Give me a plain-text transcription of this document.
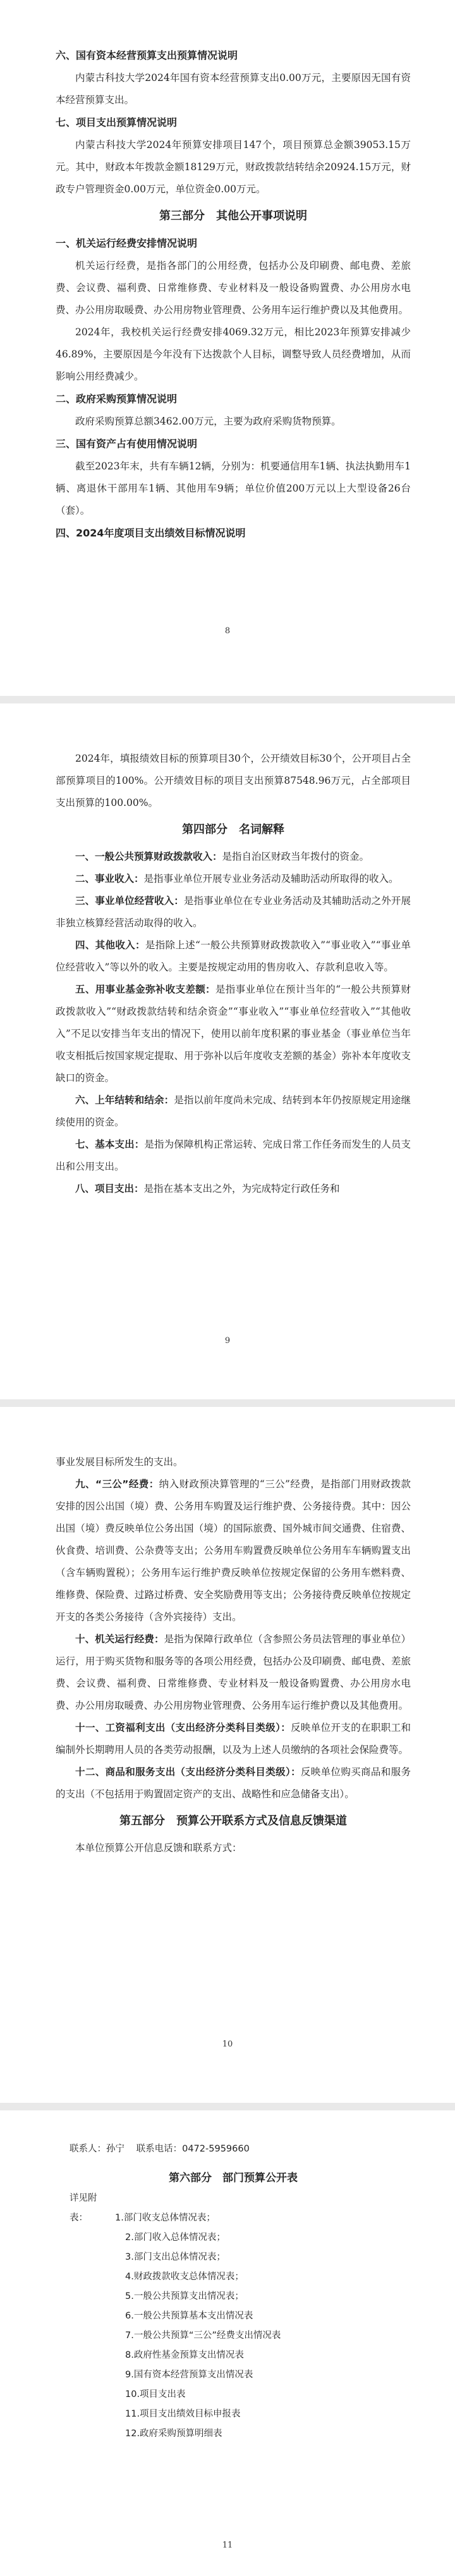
六、国有资本经营预算支出预算情况说明

内蒙古科技大学2024年国有资本经营预算支出0.00万元，主要原因无国有资本经营预算支出。

七、项目支出预算情况说明

内蒙古科技大学2024年预算安排项目147个，项目预算总金额39053.15万元。其中，财政本年拨款金额18129万元，财政拨款结转结余20924.15万元，财政专户管理资金0.00万元，单位资金0.00万元。

第三部分　其他公开事项说明

一、机关运行经费安排情况说明

机关运行经费，是指各部门的公用经费，包括办公及印刷费、邮电费、差旅费、会议费、福利费、日常维修费、专业材料及一般设备购置费、办公用房水电费、办公用房取暖费、办公用房物业管理费、公务用车运行维护费以及其他费用。

2024年，我校机关运行经费安排4069.32万元，相比2023年预算安排减少46.89%，主要原因是今年没有下达拨款个人目标，调整导致人员经费增加，从而影响公用经费减少。

二、政府采购预算情况说明

政府采购预算总额3462.00万元，主要为政府采购货物预算。

三、国有资产占有使用情况说明

截至2023年末，共有车辆12辆，分别为：机要通信用车1辆、执法执勤用车1辆、离退休干部用车1辆、其他用车9辆；单位价值200万元以上大型设备26台（套）。

四、2024年度项目支出绩效目标情况说明

8

2024年，填报绩效目标的预算项目30个，公开绩效目标30个，公开项目占全部预算项目的100%。公开绩效目标的项目支出预算87548.96万元，占全部项目支出预算的100.00%。

第四部分　名词解释

一、一般公共预算财政拨款收入：是指自治区财政当年拨付的资金。

二、事业收入：是指事业单位开展专业业务活动及辅助活动所取得的收入。

三、事业单位经营收入：是指事业单位在专业业务活动及其辅助活动之外开展非独立核算经营活动取得的收入。

四、其他收入：是指除上述“一般公共预算财政拨款收入”“事业收入”“事业单位经营收入”等以外的收入。主要是按规定动用的售房收入、存款利息收入等。

五、用事业基金弥补收支差额：是指事业单位在预计当年的“一般公共预算财政拨款收入”“财政拨款结转和结余资金”“事业收入”“事业单位经营收入”“其他收入”不足以安排当年支出的情况下，使用以前年度积累的事业基金（事业单位当年收支相抵后按国家规定提取、用于弥补以后年度收支差额的基金）弥补本年度收支缺口的资金。

六、上年结转和结余：是指以前年度尚未完成、结转到本年仍按原规定用途继续使用的资金。

七、基本支出：是指为保障机构正常运转、完成日常工作任务而发生的人员支出和公用支出。

八、项目支出：是指在基本支出之外，为完成特定行政任务和

9

事业发展目标所发生的支出。

九、“三公”经费：纳入财政预决算管理的“三公”经费，是指部门用财政拨款安排的因公出国（境）费、公务用车购置及运行维护费、公务接待费。其中：因公出国（境）费反映单位公务出国（境）的国际旅费、国外城市间交通费、住宿费、伙食费、培训费、公杂费等支出；公务用车购置费反映单位公务用车车辆购置支出（含车辆购置税）；公务用车运行维护费反映单位按规定保留的公务用车燃料费、维修费、保险费、过路过桥费、安全奖励费用等支出；公务接待费反映单位按规定开支的各类公务接待（含外宾接待）支出。

十、机关运行经费：是指为保障行政单位（含参照公务员法管理的事业单位）运行，用于购买货物和服务等的各项公用经费，包括办公及印刷费、邮电费、差旅费、会议费、福利费、日常维修费、专业材料及一般设备购置费、办公用房水电费、办公用房取暖费、办公用房物业管理费、公务用车运行维护费以及其他费用。

十一、工资福利支出（支出经济分类科目类级）：反映单位开支的在职职工和编制外长期聘用人员的各类劳动报酬，以及为上述人员缴纳的各项社会保险费等。

十二、商品和服务支出（支出经济分类科目类级）：反映单位购买商品和服务的支出（不包括用于购置固定资产的支出、战略性和应急储备支出）。

第五部分　预算公开联系方式及信息反馈渠道

本单位预算公开信息反馈和联系方式：

10
联系人：孙宁 联系电话：0472-5959660
第六部分　部门预算公开表
详见附表：	1.部门收支总体情况表；
2.部门收入总体情况表；
3.部门支出总体情况表；
4.财政拨款收支总体情况表；
5.一般公共预算支出情况表；
6.一般公共预算基本支出情况表
7.一般公共预算“三公”经费支出情况表
8.政府性基金预算支出情况表
9.国有资本经营预算支出情况表
10.项目支出表
11.项目支出绩效目标申报表
12.政府采购预算明细表
11
